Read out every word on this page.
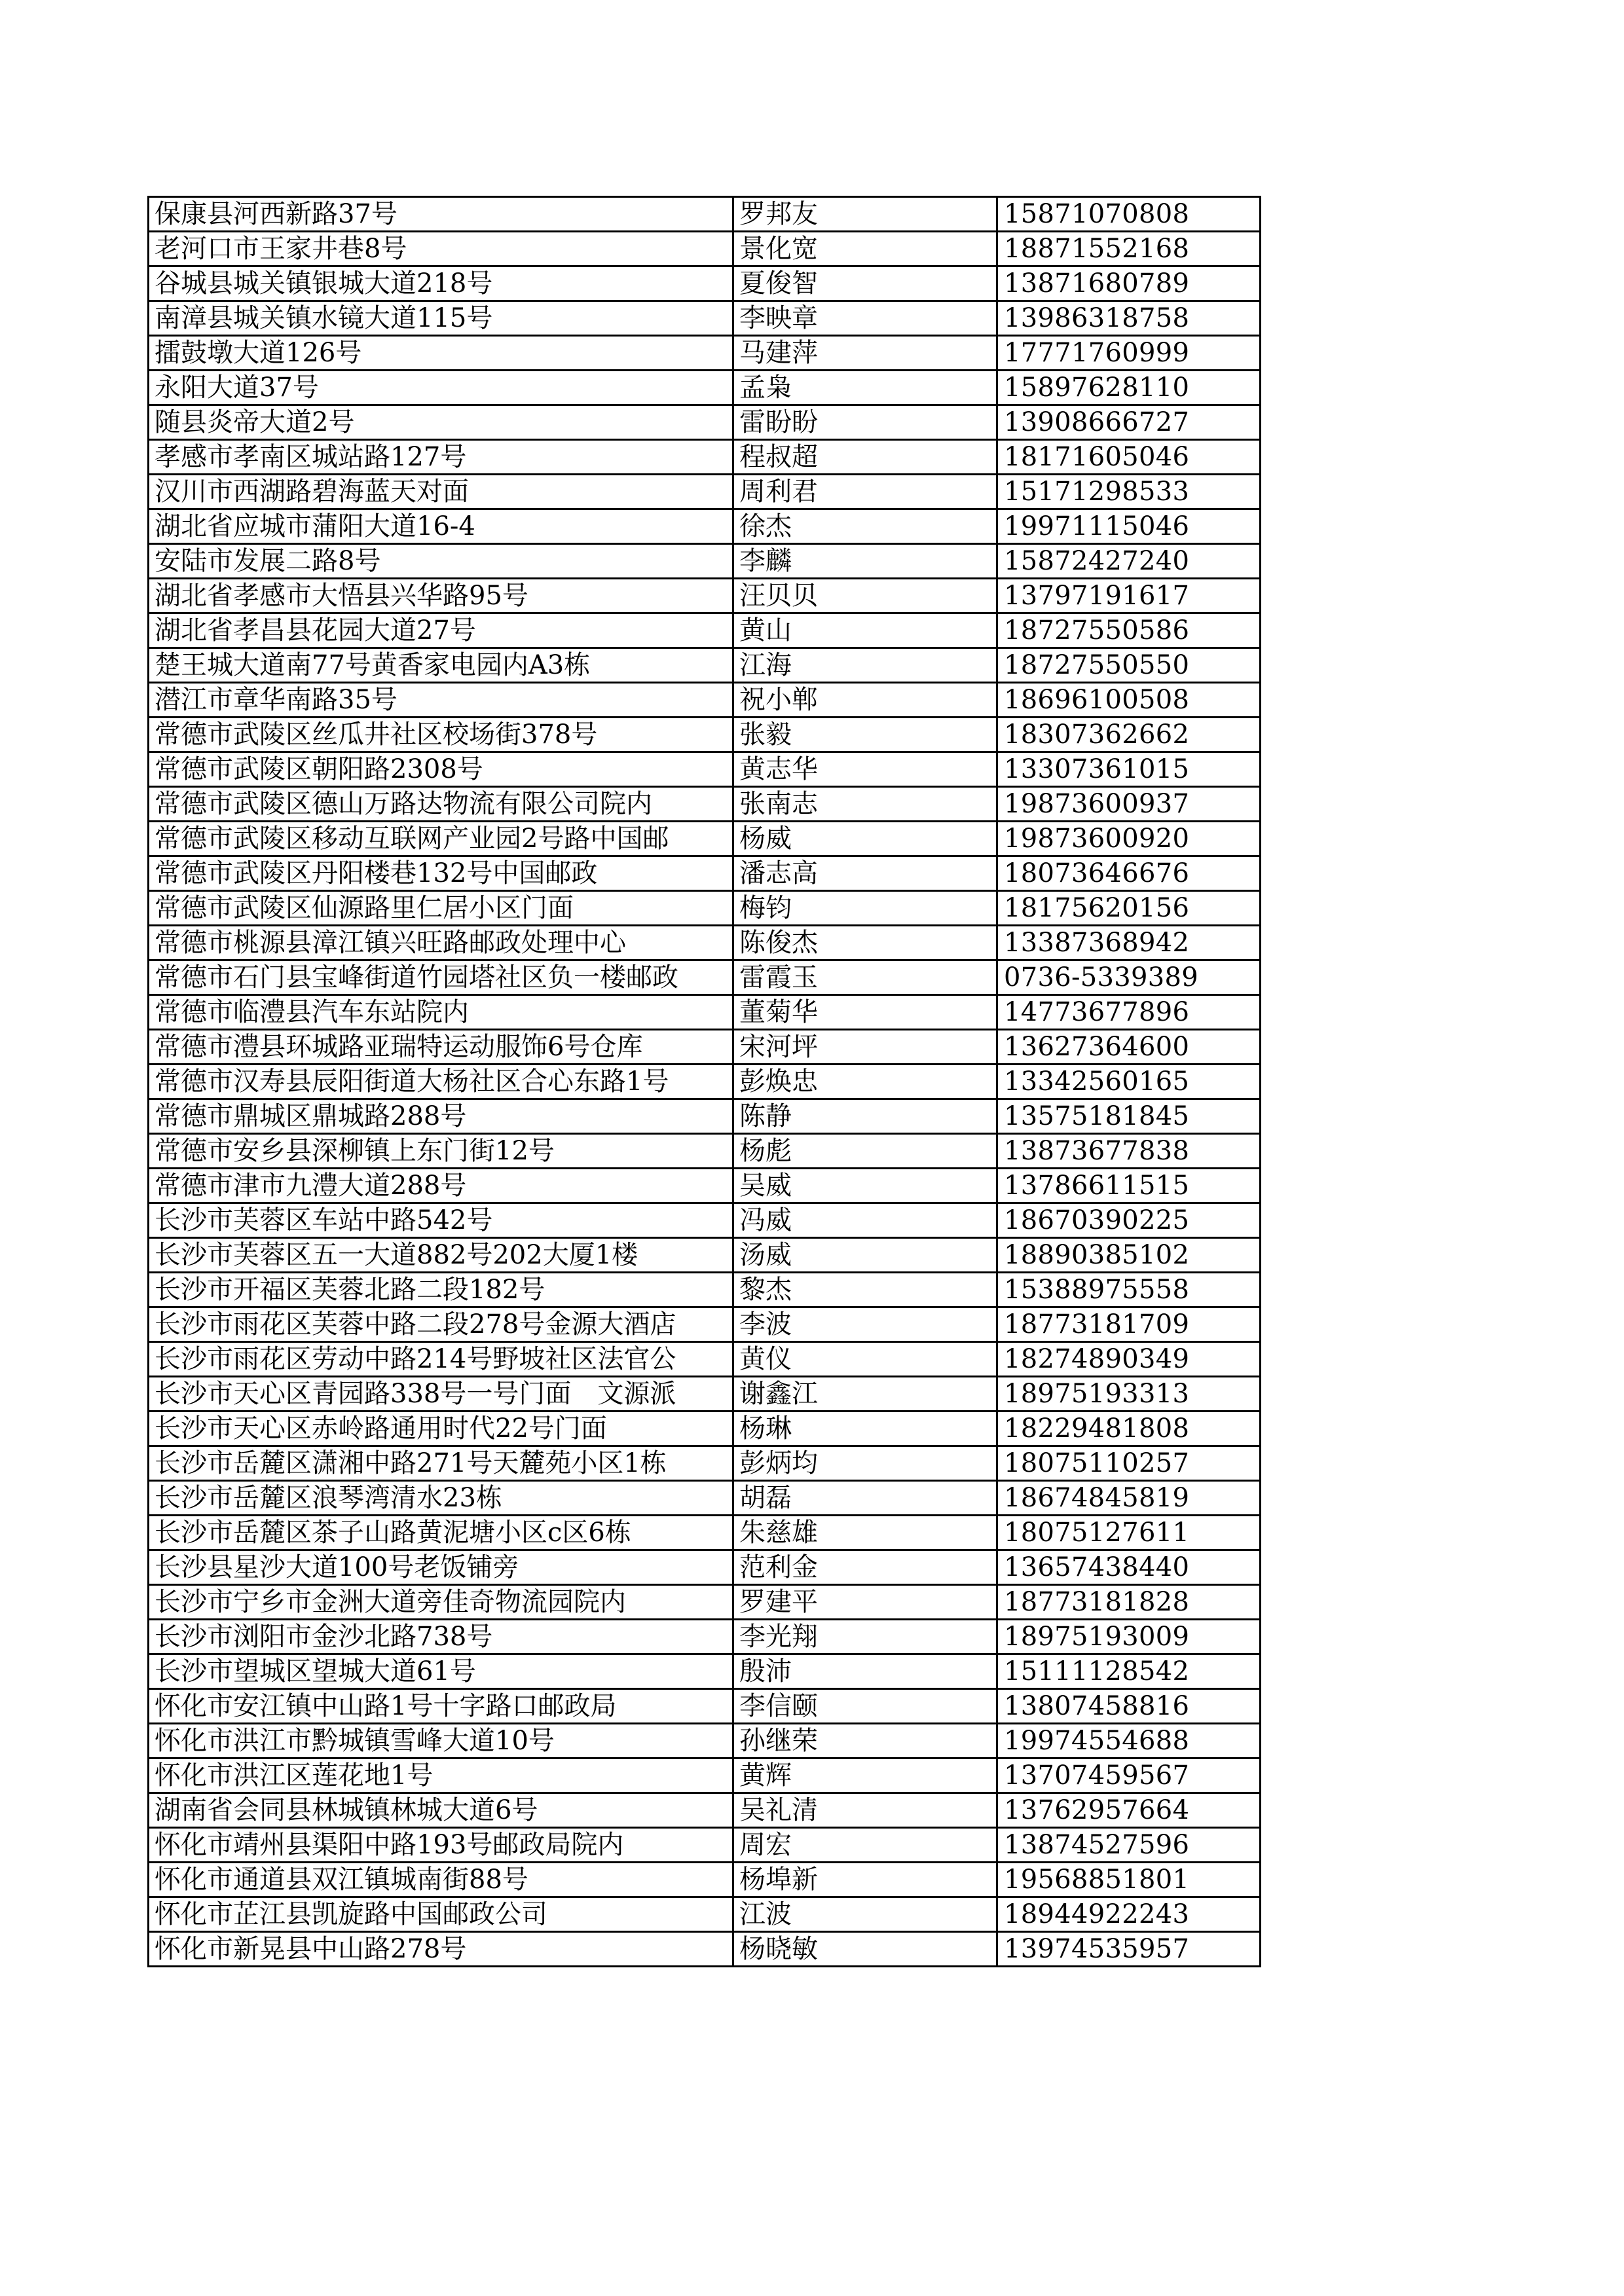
保康县河西新路37号	罗邦友	15871070808
老河口市王家井巷8号	景化宽	18871552168
谷城县城关镇银城大道218号	夏俊智	13871680789
南漳县城关镇水镜大道115号	李映章	13986318758
擂鼓墩大道126号	马建萍	17771760999
永阳大道37号	孟枭	15897628110
随县炎帝大道2号	雷盼盼	13908666727
孝感市孝南区城站路127号	程叔超	18171605046
汉川市西湖路碧海蓝天对面	周利君	15171298533
湖北省应城市蒲阳大道16-4	徐杰	19971115046
安陆市发展二路8号	李麟	15872427240
湖北省孝感市大悟县兴华路95号	汪贝贝	13797191617
湖北省孝昌县花园大道27号	黄山	18727550586
楚王城大道南77号黄香家电园内A3栋	江海	18727550550
潜江市章华南路35号	祝小郸	18696100508
常德市武陵区丝瓜井社区校场街378号	张毅	18307362662
常德市武陵区朝阳路2308号	黄志华	13307361015
常德市武陵区德山万路达物流有限公司院内	张南志	19873600937
常德市武陵区移动互联网产业园2号路中国邮	杨威	19873600920
常德市武陵区丹阳楼巷132号中国邮政	潘志高	18073646676
常德市武陵区仙源路里仁居小区门面	梅钧	18175620156
常德市桃源县漳江镇兴旺路邮政处理中心	陈俊杰	13387368942
常德市石门县宝峰街道竹园塔社区负一楼邮政	雷霞玉	0736-5339389
常德市临澧县汽车东站院内	董菊华	14773677896
常德市澧县环城路亚瑞特运动服饰6号仓库	宋河坪	13627364600
常德市汉寿县辰阳街道大杨社区合心东路1号	彭焕忠	13342560165
常德市鼎城区鼎城路288号	陈静	13575181845
常德市安乡县深柳镇上东门街12号	杨彪	13873677838
常德市津市九澧大道288号	吴威	13786611515
长沙市芙蓉区车站中路542号	冯威	18670390225
长沙市芙蓉区五一大道882号202大厦1楼	汤威	18890385102
长沙市开福区芙蓉北路二段182号	黎杰	15388975558
长沙市雨花区芙蓉中路二段278号金源大酒店	李波	18773181709
长沙市雨花区劳动中路214号野坡社区法官公	黄仪	18274890349
长沙市天心区青园路338号一号门面　文源派	谢鑫江	18975193313
长沙市天心区赤岭路通用时代22号门面	杨琳	18229481808
长沙市岳麓区潇湘中路271号天麓苑小区1栋	彭炳均	18075110257
长沙市岳麓区浪琴湾清水23栋	胡磊	18674845819
长沙市岳麓区茶子山路黄泥塘小区c区6栋	朱慈雄	18075127611
长沙县星沙大道100号老饭铺旁	范利金	13657438440
长沙市宁乡市金洲大道旁佳奇物流园院内	罗建平	18773181828
长沙市浏阳市金沙北路738号	李光翔	18975193009
长沙市望城区望城大道61号	殷沛	15111128542
怀化市安江镇中山路1号十字路口邮政局	李信颐	13807458816
怀化市洪江市黔城镇雪峰大道10号	孙继荣	19974554688
怀化市洪江区莲花地1号	黄辉	13707459567
湖南省会同县林城镇林城大道6号	吴礼清	13762957664
怀化市靖州县渠阳中路193号邮政局院内	周宏	13874527596
怀化市通道县双江镇城南街88号	杨埠新	19568851801
怀化市芷江县凯旋路中国邮政公司	江波	18944922243
怀化市新晃县中山路278号	杨晓敏	13974535957
